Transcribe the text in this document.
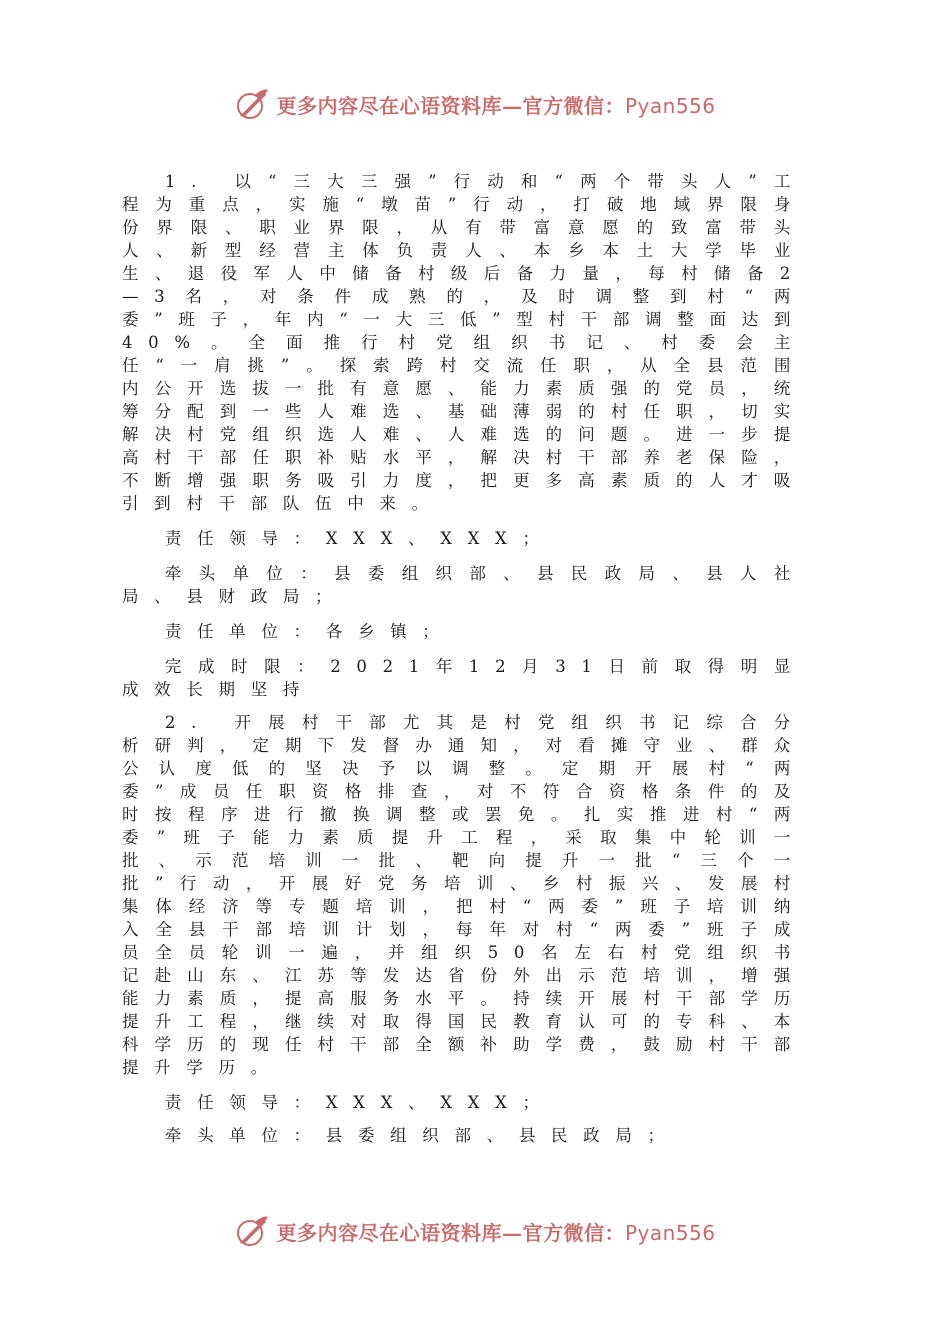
更多内容尽在心语资料库—官方微信：Pyan556

1. 以“三大三强”行动和“两个带头人”工程为重点，实施“墩苗”行动，打破地域界限身份界限、职业界限，从有带富意愿的致富带头人、新型经营主体负责人、本乡本土大学毕业生、退役军人中储备村级后备力量，每村储备2—3名，对条件成熟的，及时调整到村“两委”班子，年内“一大三低”型村干部调整面达到40%。全面推行村党组织书记、村委会主任“一肩挑”。探索跨村交流任职，从全县范围内公开选拔一批有意愿、能力素质强的党员，统筹分配到一些人难选、基础薄弱的村任职，切实解决村党组织选人难、人难选的问题。进一步提高村干部任职补贴水平，解决村干部养老保险，不断增强职务吸引力度，把更多高素质的人才吸引到村干部队伍中来。

责任领导：XXX、XXX；

牵头单位：县委组织部、县民政局、县人社局、县财政局；

责任单位：各乡镇；

完成时限：2021年12月31日前取得明显成效长期坚持

2. 开展村干部尤其是村党组织书记综合分析研判，定期下发督办通知，对看摊守业、群众公认度低的坚决予以调整。定期开展村“两委”成员任职资格排查，对不符合资格条件的及时按程序进行撤换调整或罢免。扎实推进村“两委”班子能力素质提升工程，采取集中轮训一批、示范培训一批、靶向提升一批“三个一批”行动，开展好党务培训、乡村振兴、发展村集体经济等专题培训，把村“两委”班子培训纳入全县干部培训计划，每年对村“两委”班子成员全员轮训一遍，并组织50名左右村党组织书记赴山东、江苏等发达省份外出示范培训，增强能力素质，提高服务水平。持续开展村干部学历提升工程，继续对取得国民教育认可的专科、本科学历的现任村干部全额补助学费，鼓励村干部提升学历。

责任领导：XXX、XXX；

牵头单位：县委组织部、县民政局；

更多内容尽在心语资料库—官方微信：Pyan556
